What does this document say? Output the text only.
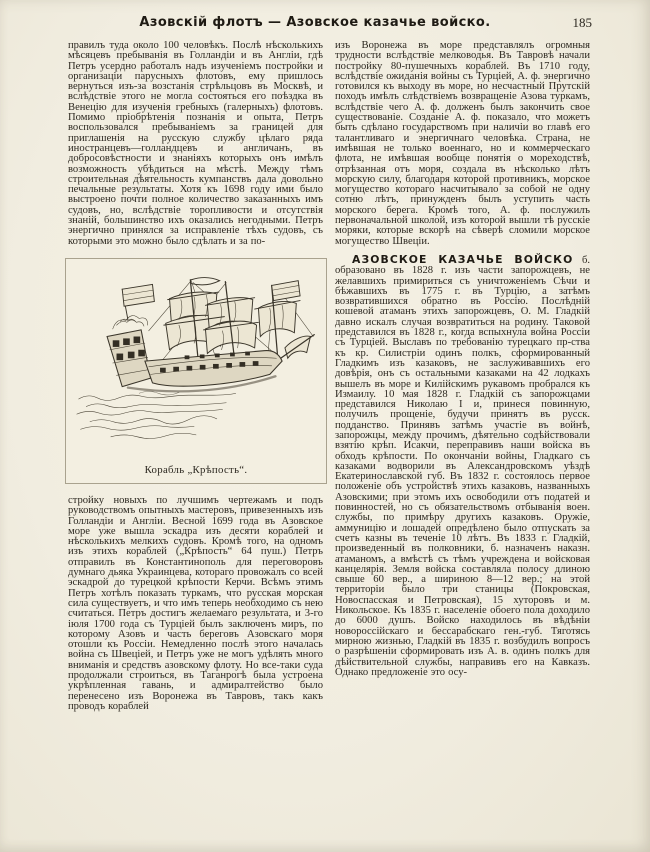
Азовскій флотъ — Азовское казачье войско.	185

правилъ туда около 100 человѣкъ. Послѣ нѣсколькихъ мѣсяцевъ пребыванія въ Голландіи и въ Англіи, гдѣ Петръ усердно работалъ надъ изученіемъ постройки и организаціи парусныхъ флотовъ, ему пришлось вернуться изъ-за возстанія стрѣльцовъ въ Москвѣ, и вслѣдствіе этого не могла состояться его поѣздка въ Венецію для изученія гребныхъ (галерныхъ) флотовъ. Помимо пріобрѣтенія познанія и опыта, Петръ воспользовался пребываніемъ за границей для приглашенія на русскую службу цѣлаго ряда иностранцевъ—голландцевъ и англичанъ, въ добросовѣстности и знаніяхъ которыхъ онъ имѣлъ возможность убѣдиться на мѣстѣ. Между тѣмъ строительная дѣятельность кумпанствъ дала довольно печальные результаты. Хотя къ 1698 году ими было выстроено почти полное количество заказанныхъ имъ судовъ, но, вслѣдствіе торопливости и отсутствія знаній, большинство ихъ оказались негодными. Петръ энергично принялся за исправленіе тѣхъ судовъ, съ которыми это можно было сдѣлать и за по-

Корабль „Крѣпость“.

стройку новыхъ по лучшимъ чертежамъ и подъ руководствомъ опытныхъ мастеровъ, привезенныхъ изъ Голландіи и Англіи. Весной 1699 года въ Азовское море уже вышла эскадра изъ десяти кораблей и нѣсколькихъ мелкихъ судовъ. Кромѣ того, на одномъ изъ этихъ кораблей („Крѣпость“ 64 пуш.) Петръ отправилъ въ Константинополь для переговоровъ думнаго дьяка Украинцева, котораго провожалъ со всей эскадрой до турецкой крѣпости Керчи. Всѣмъ этимъ Петръ хотѣлъ показать туркамъ, что русская морская сила существуетъ, и что имъ теперь необходимо съ нею считаться. Петръ достигъ желаемаго результата, и 3-го іюля 1700 года съ Турціей былъ заключенъ миръ, по которому Азовъ и часть береговъ Азовскаго моря отошли къ Россіи. Немедленно послѣ этого началась война съ Швеціей, и Петръ уже не могъ удѣлять много вниманія и средствъ азовскому флоту. Но все-таки суда продолжали строиться, въ Таганрогѣ была устроена укрѣпленная гавань, и адмиралтейство было перенесено изъ Воронежа въ Тавровъ, такъ какъ проводъ кораблей

изъ Воронежа въ море представлялъ огромныя трудности вслѣдствіе мелководья. Въ Тавровѣ начали постройку 80-пушечныхъ кораблей. Въ 1710 году, вслѣдствіе ожиданія войны съ Турціей, А. ф. энергично готовился къ выходу въ море, но несчастный Прутскій походъ имѣлъ слѣдствіемъ возвращеніе Азова туркамъ, вслѣдствіе чего А. ф. долженъ былъ закончить свое существованіе. Созданіе А. ф. показало, что можетъ быть сдѣлано государствомъ при наличіи во главѣ его талантливаго и энергичнаго человѣка. Страна, не имѣвшая не только военнаго, но и коммерческаго флота, не имѣвшая вообще понятія о мореходствѣ, отрѣзанная отъ моря, создала въ нѣсколько лѣтъ морскую силу, благодаря которой противникъ, морское могущество котораго насчитывало за собой не одну сотню лѣтъ, принужденъ былъ уступить часть морского берега. Кромѣ того, А. ф. послужилъ первоначальной школой, изъ которой вышли тѣ русскіе моряки, которые вскорѣ на сѣверѣ сломили морское могущество Швеціи.

АЗОВСКОЕ КАЗАЧЬЕ ВОЙСКО б. образовано въ 1828 г. изъ части запорожцевъ, не желавшихъ примириться съ уничтоженіемъ Сѣчи и бѣжавшихъ въ 1775 г. въ Турцію, а затѣмъ возвратившихся обратно въ Россію. Послѣдній кошевой атаманъ этихъ запорожцевъ, О. М. Гладкій давно искалъ случая возвратиться на родину. Таковой представился въ 1828 г., когда вспыхнула война Россіи съ Турціей. Выславъ по требованію турецкаго пр-ства къ кр. Силистріи одинъ полкъ, сформированный Гладкимъ изъ казаковъ, не заслуживавшихъ его довѣрія, онъ съ остальными казаками на 42 лодкахъ вышелъ въ море и Килійскимъ рукавомъ пробрался къ Измаилу. 10 мая 1828 г. Гладкій съ запорожцами представился Николаю I и, принеся повинную, получилъ прощеніе, будучи принятъ въ русск. подданство. Принявъ затѣмъ участіе въ войнѣ, запорожцы, между прочимъ, дѣятельно содѣйствовали взятію крѣп. Исакчи, переправивъ наши войска въ обходъ крѣпости. По окончаніи войны, Гладкаго съ казаками водворили въ Александровскомъ уѣздѣ Екатеринославской губ. Въ 1832 г. состоялось первое положеніе объ устройствѣ этихъ казаковъ, названныхъ Азовскими; при этомъ ихъ освободили отъ податей и повинностей, но съ обязательствомъ отбыванія воен. службы, по примѣру другихъ казаковъ. Оружіе, аммуницію и лошадей опредѣлено было отпускать за счетъ казны въ теченіе 10 лѣтъ. Въ 1833 г. Гладкій, произведенный въ полковники, б. назначенъ наказн. атаманомъ, а вмѣстѣ съ тѣмъ учреждена и войсковая канцелярія. Земля войска составляла полосу длиною свыше 60 вер., а шириною 8—12 вер.; на этой территоріи было три станицы (Покровская, Новоспасская и Петровская), 15 хуторовъ и м. Никольское. Къ 1835 г. населеніе обоего пола доходило до 6000 душъ. Войско находилось въ вѣдѣніи новороссійскаго и бессарабскаго ген.-губ. Тяготясь мирною жизнью, Гладкій въ 1835 г. возбудилъ вопросъ о разрѣшеніи сформировать изъ А. в. одинъ полкъ для дѣйствительной службы, направивъ его на Кавказъ. Однако предложеніе это осу-
